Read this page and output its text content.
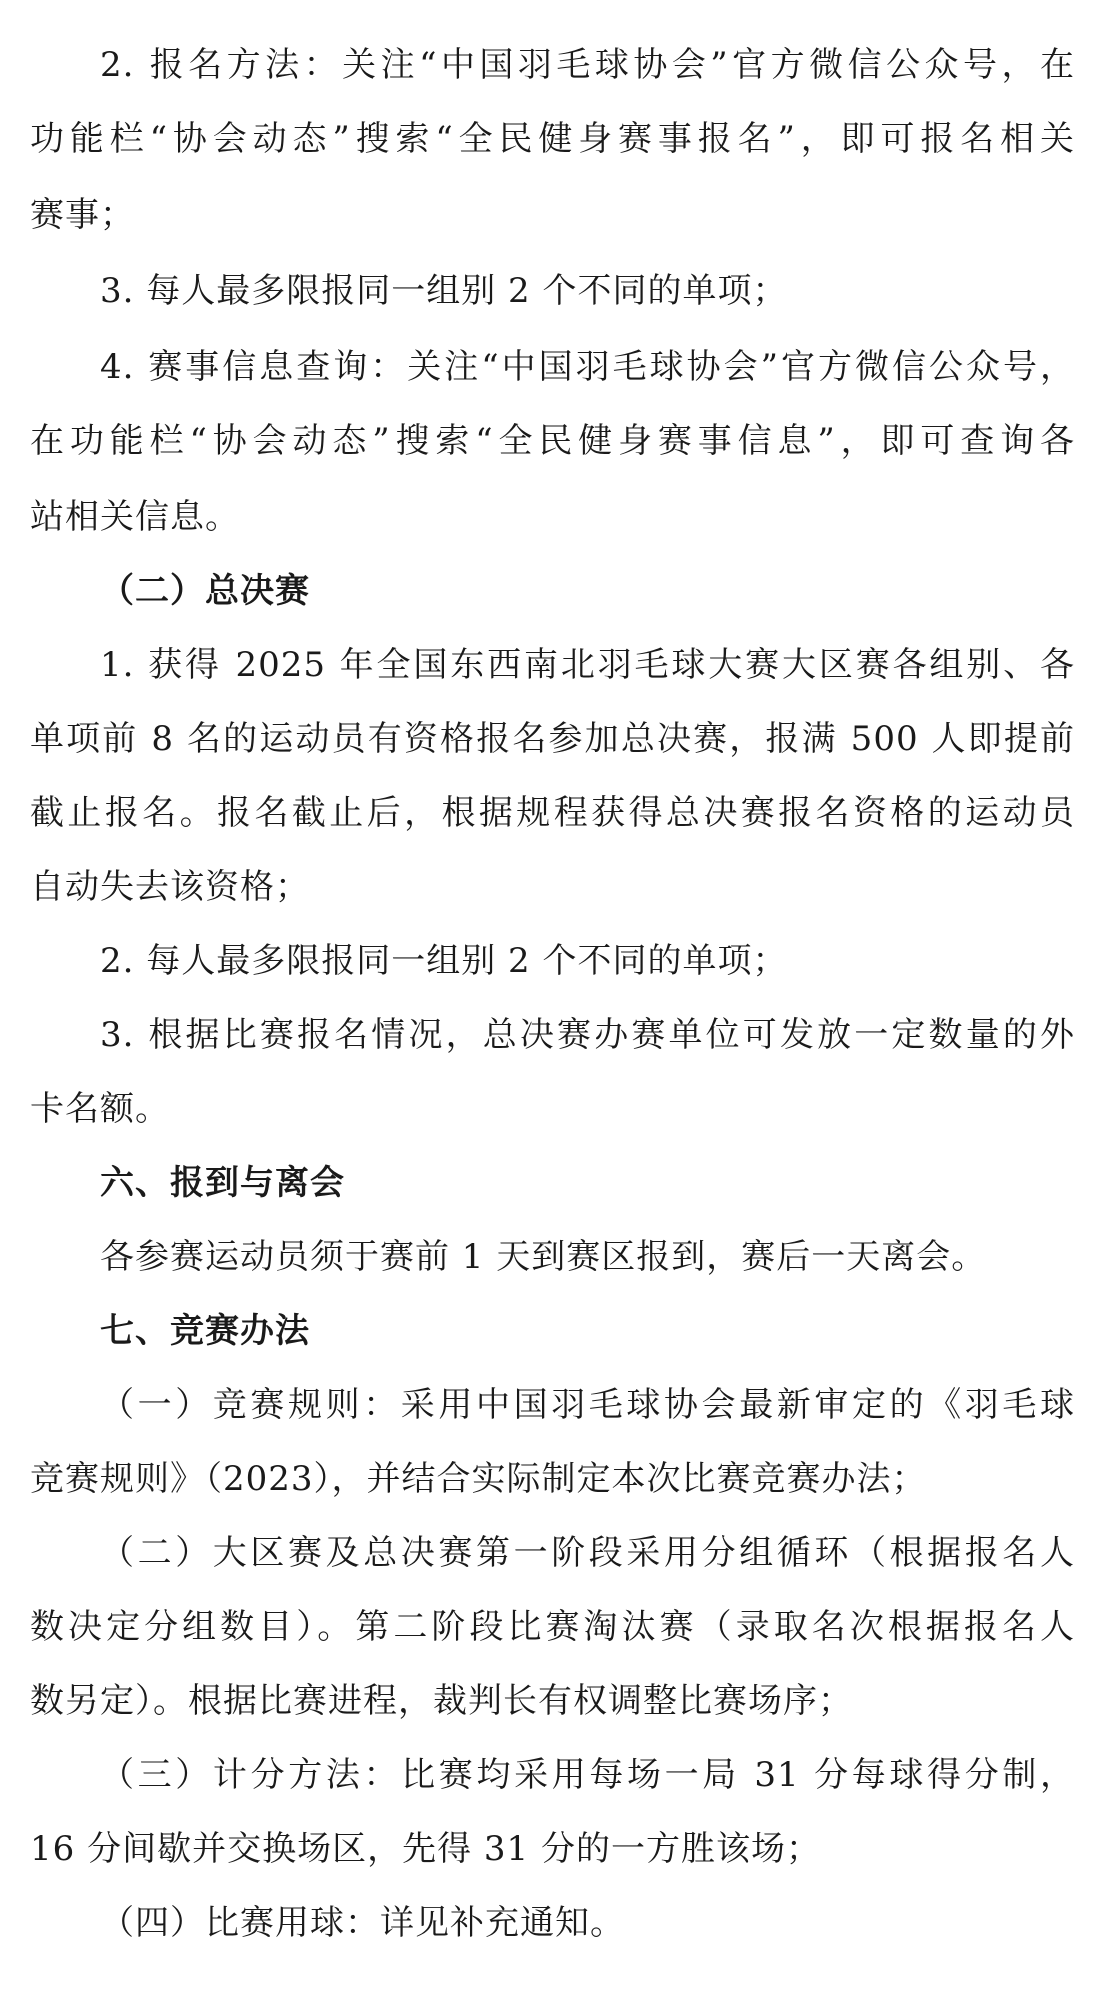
2. 报名方法：关注“中国羽毛球协会”官方微信公众号，在
功能栏“协会动态”搜索“全民健身赛事报名”，即可报名相关
赛事；
3. 每人最多限报同一组别 2 个不同的单项；
4. 赛事信息查询：关注“中国羽毛球协会”官方微信公众号，
在功能栏“协会动态”搜索“全民健身赛事信息”，即可查询各
站相关信息。
（二）总决赛
1. 获得 2025 年全国东西南北羽毛球大赛大区赛各组别、各
单项前 8 名的运动员有资格报名参加总决赛，报满 500 人即提前
截止报名。报名截止后，根据规程获得总决赛报名资格的运动员
自动失去该资格；
2. 每人最多限报同一组别 2 个不同的单项；
3. 根据比赛报名情况，总决赛办赛单位可发放一定数量的外
卡名额。
六、报到与离会
各参赛运动员须于赛前 1 天到赛区报到，赛后一天离会。
七、竞赛办法
（一）竞赛规则：采用中国羽毛球协会最新审定的《羽毛球
竞赛规则》（2023），并结合实际制定本次比赛竞赛办法；
（二）大区赛及总决赛第一阶段采用分组循环（根据报名人
数决定分组数目）。第二阶段比赛淘汰赛（录取名次根据报名人
数另定）。根据比赛进程，裁判长有权调整比赛场序；
（三）计分方法：比赛均采用每场一局 31 分每球得分制，
16 分间歇并交换场区，先得 31 分的一方胜该场；
（四）比赛用球：详见补充通知。
